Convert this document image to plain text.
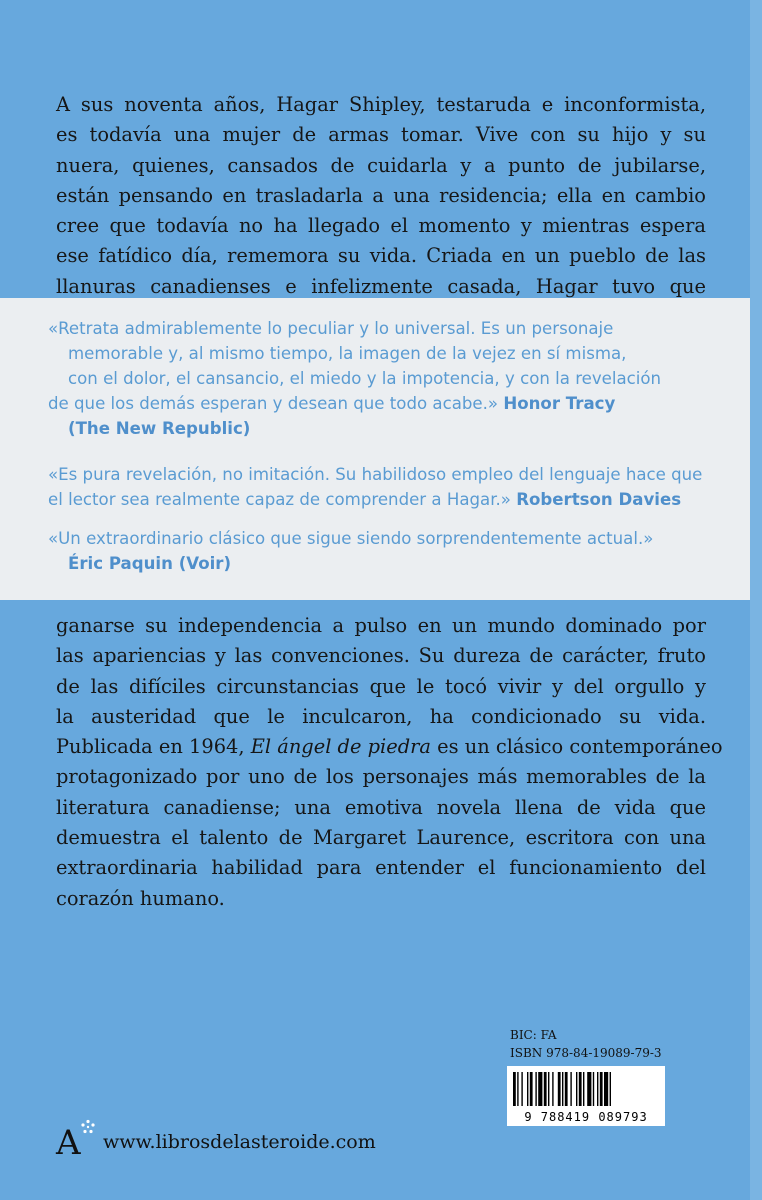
A sus noventa años, Hagar Shipley, testaruda e inconformista,
es todavía una mujer de armas tomar. Vive con su hijo y su
nuera, quienes, cansados de cuidarla y a punto de jubilarse,
están pensando en trasladarla a una residencia; ella en cambio
cree que todavía no ha llegado el momento y mientras espera
ese fatídico día, rememora su vida. Criada en un pueblo de las
llanuras canadienses e infelizmente casada, Hagar tuvo que
«Retrata admirablemente lo peculiar y lo universal. Es un personaje
memorable y, al mismo tiempo, la imagen de la vejez en sí misma,
con el dolor, el cansancio, el miedo y la impotencia, y con la revelación
de que los demás esperan y desean que todo acabe.» Honor Tracy
(The New Republic)
«Es pura revelación, no imitación. Su habilidoso empleo del lenguaje hace que
el lector sea realmente capaz de comprender a Hagar.» Robertson Davies
«Un extraordinario clásico que sigue siendo sorprendentemente actual.»
Éric Paquin (Voir)
ganarse su independencia a pulso en un mundo dominado por
las apariencias y las convenciones. Su dureza de carácter, fruto
de las difíciles circunstancias que le tocó vivir y del orgullo y
la austeridad que le inculcaron, ha condicionado su vida.
Publicada en 1964, El ángel de piedra es un clásico contemporáneo
protagonizado por uno de los personajes más memorables de la
literatura canadiense; una emotiva novela llena de vida que
demuestra el talento de Margaret Laurence, escritora con una
extraordinaria habilidad para entender el funcionamiento del
corazón humano.
BIC: FA
ISBN 978-84-19089-79-3
9 788419 089793
A www.librosdelasteroide.com
